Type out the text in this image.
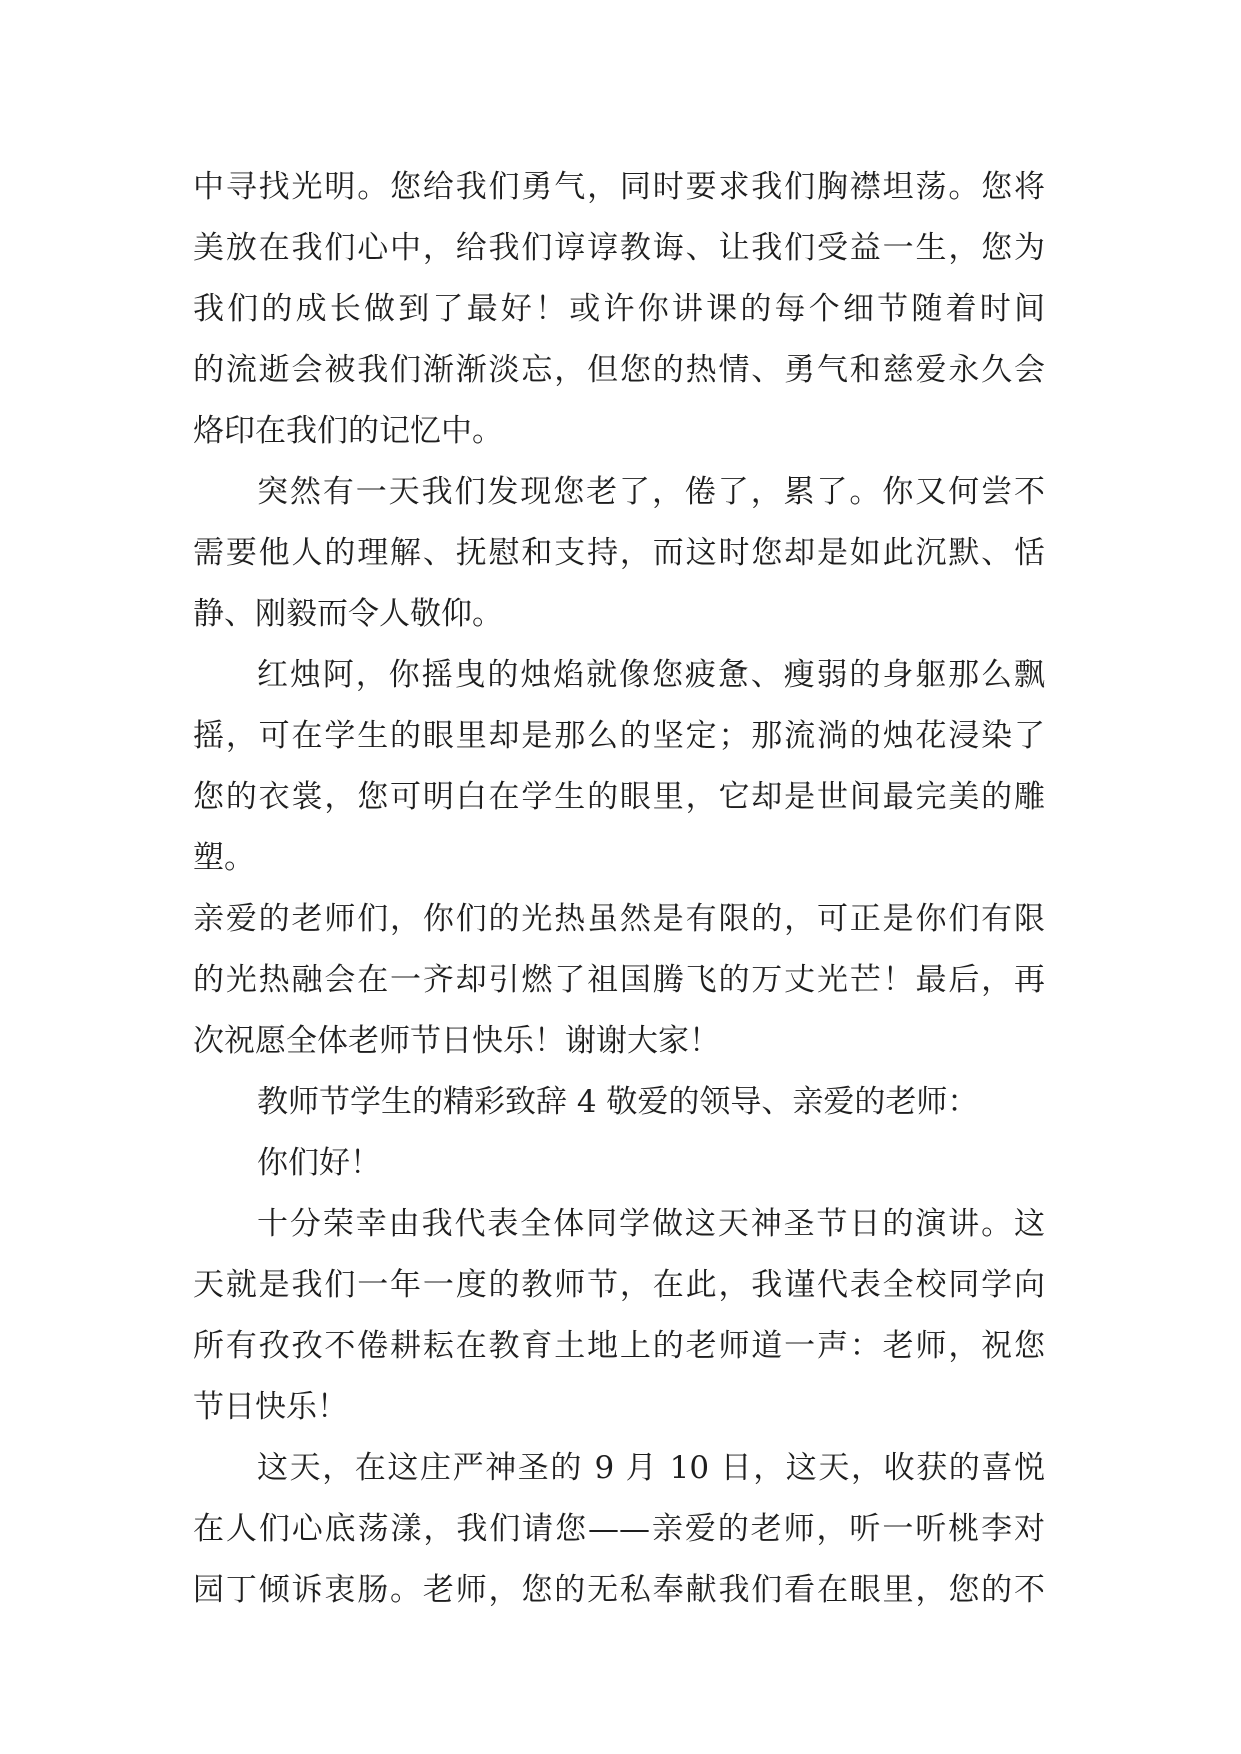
中寻找光明。您给我们勇气，同时要求我们胸襟坦荡。您将
美放在我们心中，给我们谆谆教诲、让我们受益一生，您为
我们的成长做到了最好！或许你讲课的每个细节随着时间
的流逝会被我们渐渐淡忘，但您的热情、勇气和慈爱永久会
烙印在我们的记忆中。
突然有一天我们发现您老了，倦了，累了。你又何尝不
需要他人的理解、抚慰和支持，而这时您却是如此沉默、恬
静、刚毅而令人敬仰。
红烛阿，你摇曳的烛焰就像您疲惫、瘦弱的身躯那么飘
摇，可在学生的眼里却是那么的坚定；那流淌的烛花浸染了
您的衣裳，您可明白在学生的眼里，它却是世间最完美的雕
塑。
亲爱的老师们，你们的光热虽然是有限的，可正是你们有限
的光热融会在一齐却引燃了祖国腾飞的万丈光芒！最后，再
次祝愿全体老师节日快乐！谢谢大家！
教师节学生的精彩致辞 4 敬爱的领导、亲爱的老师：
你们好！
十分荣幸由我代表全体同学做这天神圣节日的演讲。这
天就是我们一年一度的教师节，在此，我谨代表全校同学向
所有孜孜不倦耕耘在教育土地上的老师道一声：老师，祝您
节日快乐！
这天，在这庄严神圣的 9 月 10 日，这天，收获的喜悦
在人们心底荡漾，我们请您——亲爱的老师，听一听桃李对
园丁倾诉衷肠。老师，您的无私奉献我们看在眼里，您的不
